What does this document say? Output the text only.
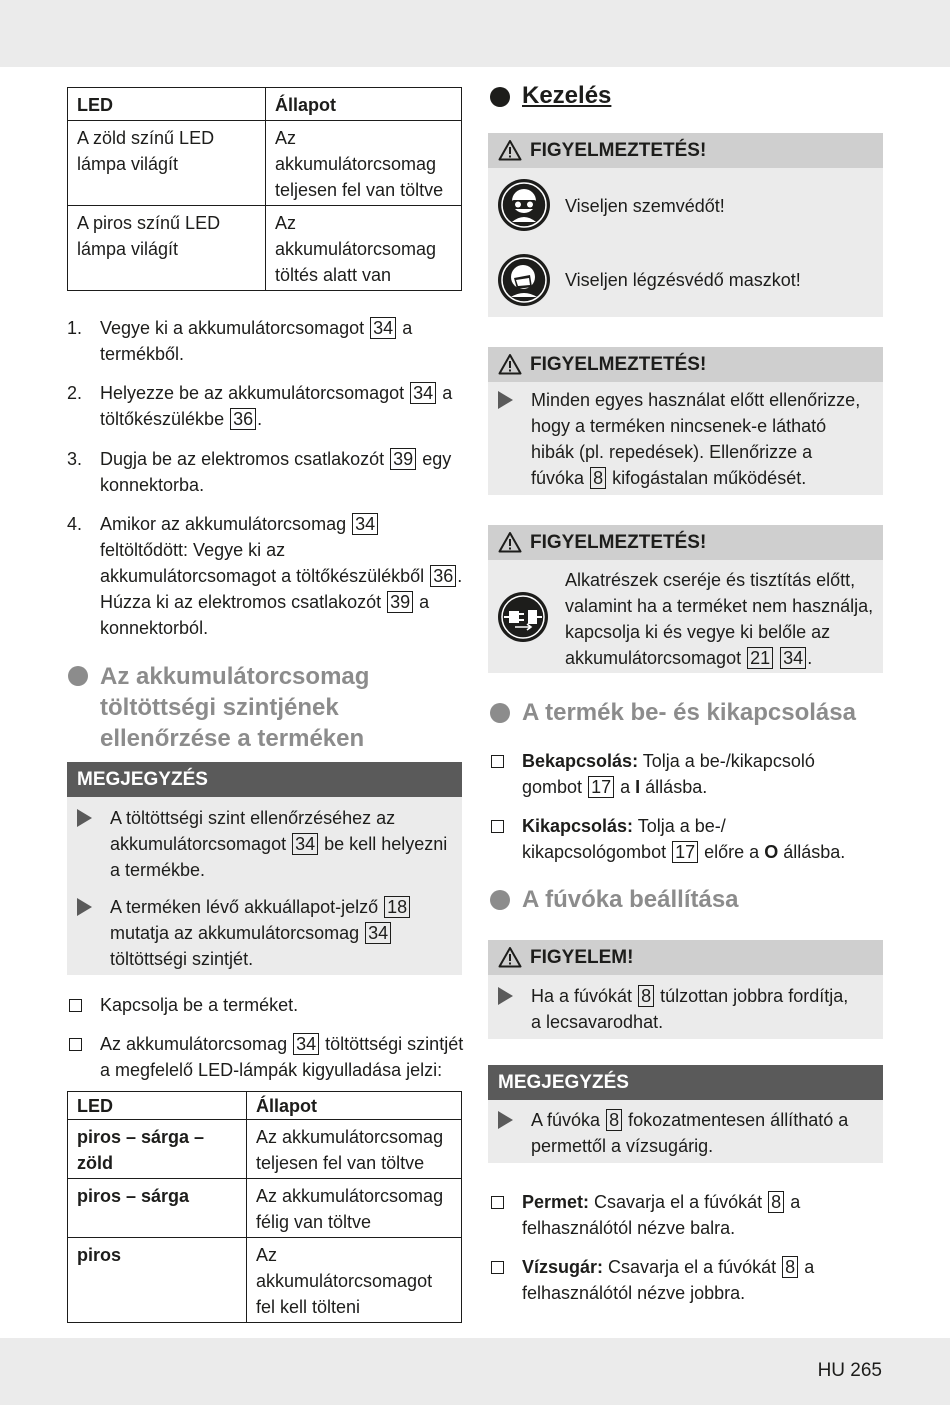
HU 265
LED	Állapot
A zöld színű LED lámpa világít	Az akkumulátorcsomag teljesen fel van töltve
A piros színű LED lámpa világít	Az akkumulátorcsomag töltés alatt van
1. Vegye ki a akkumulátorcsomagot 34 a
termékből.
2. Helyezze be az akkumulátorcsomagot 34 a
töltőkészülékbe 36 .
3. Dugja be az elektromos csatlakozót 39 egy
konnektorba.
4. Amikor az akkumulátorcsomag 34
feltöltődött: Vegye ki az
akkumulátorcsomagot a töltőkészülékből 36 .
Húzza ki az elektromos csatlakozót 39 a
konnektorból.
Az akkumulátorcsomag
töltöttségi szintjének
ellenőrzése a terméken
MEGJEGYZÉS
A töltöttségi szint ellenőrzéséhez az
akkumulátorcsomagot 34 be kell helyezni
a termékbe.
A terméken lévő akkuállapot-jelző 18
mutatja az akkumulátorcsomag 34
töltöttségi szintjét.
Kapcsolja be a terméket.
Az akkumulátorcsomag 34 töltöttségi szintjét
a megfelelő LED-lámpák kigyulladása jelzi:
LED	Állapot
piros – sárga – zöld	Az akkumulátorcsomag teljesen fel van töltve
piros – sárga	Az akkumulátorcsomag félig van töltve
piros	Az akkumulátorcsomagot fel kell tölteni
Kezelés
FIGYELMEZTETÉS!
Viseljen szemvédőt!
Viseljen légzésvédő maszkot!
FIGYELMEZTETÉS!
Minden egyes használat előtt ellenőrizze,
hogy a terméken nincsenek-e látható
hibák (pl. repedések). Ellenőrizze a
fúvóka 8 kifogástalan működését.
FIGYELMEZTETÉS!
Alkatrészek cseréje és tisztítás előtt,
valamint ha a terméket nem használja,
kapcsolja ki és vegye ki belőle az
akkumulátorcsomagot 21 34 .
A termék be- és kikapcsolása
Bekapcsolás: Tolja a be-/kikapcsoló
gombot 17 a I állásba.
Kikapcsolás: Tolja a be-/
kikapcsológombot 17 előre a O állásba.
A fúvóka beállítása
FIGYELEM!
Ha a fúvókát 8 túlzottan jobbra fordítja,
a lecsavarodhat.
MEGJEGYZÉS
A fúvóka 8 fokozatmentesen állítható a
permettől a vízsugárig.
Permet: Csavarja el a fúvókát 8 a
felhasználótól nézve balra.
Vízsugár: Csavarja el a fúvókát 8 a
felhasználótól nézve jobbra.
